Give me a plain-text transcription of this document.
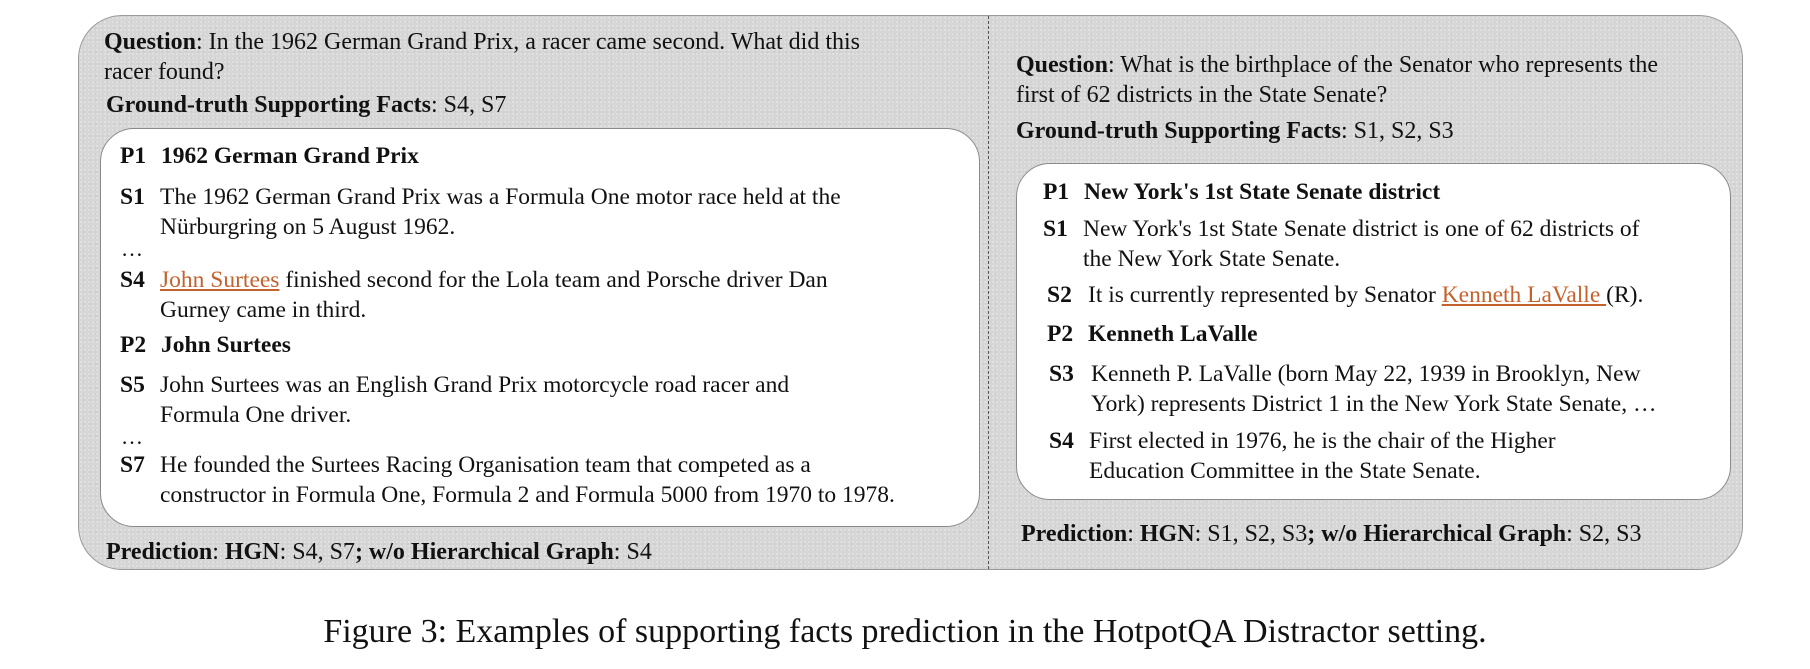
Question: In the 1962 German Grand Prix, a racer came second. What did this
racer found?
Ground-truth Supporting Facts: S4, S7
P1 1962 German Grand Prix
S1 The 1962 German Grand Prix was a Formula One motor race held at the
Nürburgring on 5 August 1962.
…
S4 John Surtees finished second for the Lola team and Porsche driver Dan
Gurney came in third.
P2 John Surtees
S5 John Surtees was an English Grand Prix motorcycle road racer and
Formula One driver.
…
S7 He founded the Surtees Racing Organisation team that competed as a
constructor in Formula One, Formula 2 and Formula 5000 from 1970 to 1978.
Prediction: HGN: S4, S7; w/o Hierarchical Graph: S4
Question: What is the birthplace of the Senator who represents the
first of 62 districts in the State Senate?
Ground-truth Supporting Facts: S1, S2, S3
P1 New York's 1st State Senate district
S1 New York's 1st State Senate district is one of 62 districts of
the New York State Senate.
S2 It is currently represented by Senator Kenneth LaValle (R).
P2 Kenneth LaValle
S3 Kenneth P. LaValle (born May 22, 1939 in Brooklyn, New
York) represents District 1 in the New York State Senate, …
S4 First elected in 1976, he is the chair of the Higher
Education Committee in the State Senate.
Prediction: HGN: S1, S2, S3; w/o Hierarchical Graph: S2, S3
Figure 3: Examples of supporting facts prediction in the HotpotQA Distractor setting.
